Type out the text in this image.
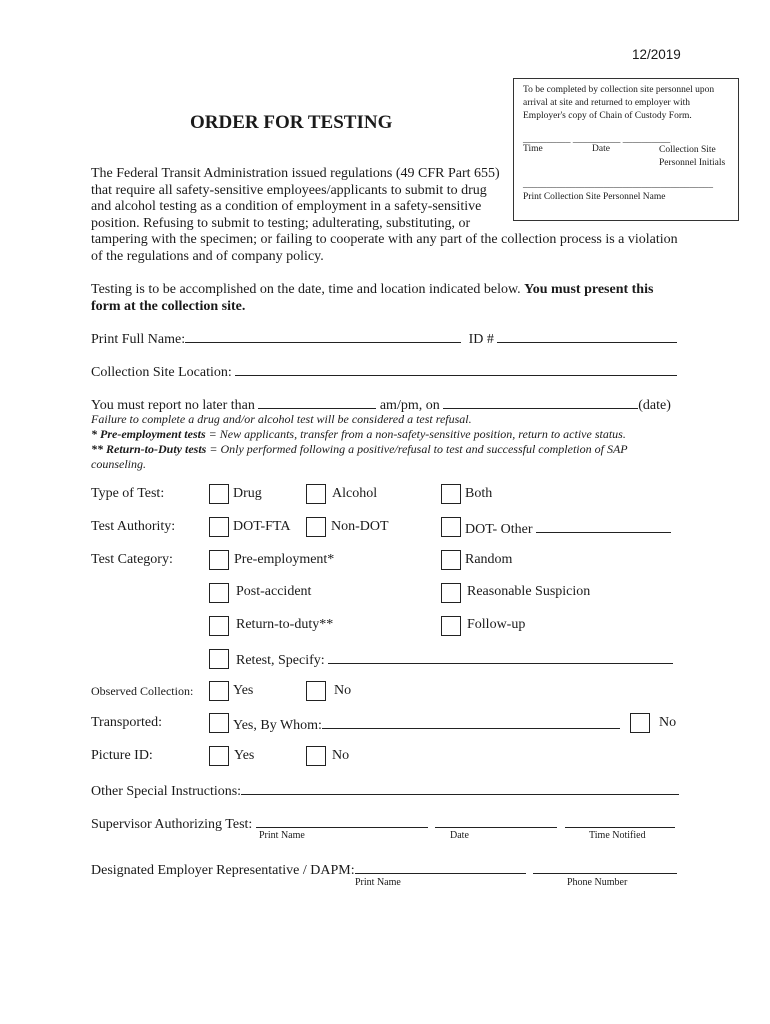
12/2019
ORDER FOR TESTING
To be completed by collection site personnel upon
arrival at site and returned to employer with
Employer's copy of Chain of Custody Form.
__________ __________ __________
Time	Date	Collection Site
Personnel Initials
________________________________________
Print Collection Site Personnel Name
The Federal Transit Administration issued regulations (49 CFR Part 655)
that require all safety-sensitive employees/applicants to submit to drug
and alcohol testing as a condition of employment in a safety-sensitive
position. Refusing to submit to testing; adulterating, substituting, or
tampering with the specimen; or failing to cooperate with any part of the collection process is a violation
of the regulations and of company policy.
Testing is to be accomplished on the date, time and location indicated below. You must present this
form at the collection site.
Print Full Name:	ID #
Collection Site Location:
You must report no later than	am/pm, on	(date)
Failure to complete a drug and/or alcohol test will be considered a test refusal.
* Pre-employment tests = New applicants, transfer from a non-safety-sensitive position, return to active status.
** Return-to-Duty tests = Only performed following a positive/refusal to test and successful completion of SAP
counseling.
Type of Test:	Drug	Alcohol	Both
Test Authority:	DOT-FTA	Non-DOT	DOT- Other
Test Category:	Pre-employment*	Random
Post-accident	Reasonable Suspicion
Return-to-duty**	Follow-up
Retest, Specify:
Observed Collection:	Yes	No
Transported:	Yes, By Whom:	No
Picture ID:	Yes	No
Other Special Instructions:
Supervisor Authorizing Test:
Print Name	Date	Time Notified
Designated Employer Representative / DAPM:
Print Name	Phone Number
